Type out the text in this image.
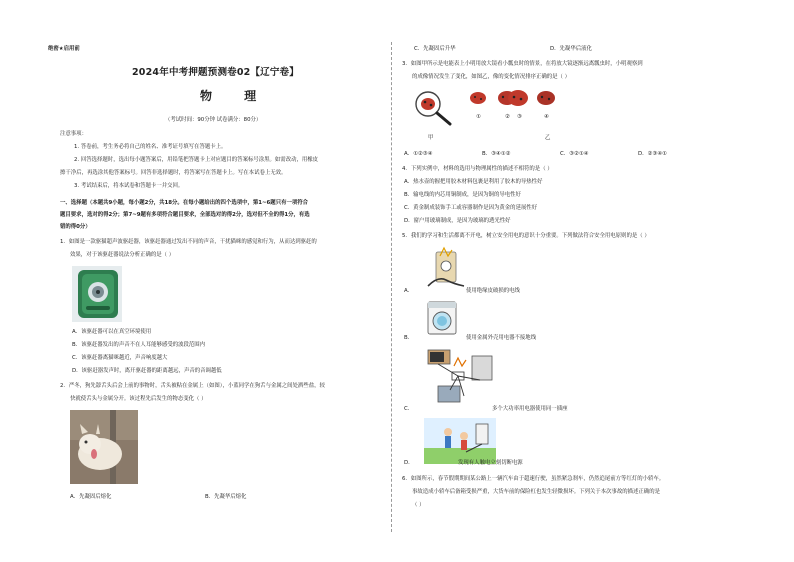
绝密★启用前
2024年中考押题预测卷02【辽宁卷】
物 理
（考试时间：90分钟 试卷满分：80分）
注意事项：
1. 答卷前，考生务必将自己的姓名、准考证号填写在答题卡上。
2. 回答选择题时，选出每小题答案后，用铅笔把答题卡上对应题目的答案标号涂黑。如需改动，用橡皮
擦干净后，再选涂其他答案标号。回答非选择题时，将答案写在答题卡上。写在本试卷上无效。
3. 考试结束后，将本试卷和答题卡一并交回。
一、选择题（本题共9小题，每小题2分，共18分。在每小题给出的四个选项中，第1~6题只有一项符合
题目要求，选对的得2分；第7~9题有多项符合题目要求，全部选对的得2分，选对但不全的得1分，有选
错的得0分）
1．如图是一款驱猫超声波驱赶器，该驱赶器通过发出不同的声音，干扰猫咪的感觉和行为，从而达到驱赶的
效果，对于该驱赶器说法分析正确的是（ ）
A．该驱赶器可以在真空环境使用
B．该驱赶器发出的声音不在人耳能够感受的波段范围内
C．该驱赶器离猫咪越近，声音响度越大
D．该驱赶器发声时，离开驱赶器的距离越远，声音的音调越低
2．严冬，狗先舔舌头后会上前的事物时，舌头被粘在金属上（如图），小蓝同学在狗舌与金属之间处洒些盐，较
快就使舌头与金属分开。该过程先后发生的物态变化（ ）
A．先凝固后熔化	B．先凝华后熔化
C．先凝固后升华	D．先凝华后液化
3．如图甲所示是电能表上小明用放大镜看小瓢虫时的情景，在将放大镜逐渐远离瓢虫时，小明观察到
的成像情况发生了变化，如图乙，像的变化情况排序正确的是（ ）
甲
①	② ③	④
乙
A．①②③④	B．③④①②	C．③②①④	D．②③④①
4．下列实例中，材料的选用与物理属性的描述不相符的是（ ）
A．热水壶的握把用胶木材料包裹是利用了胶木的导热性好
B．输电线的内芯用铜制成，是因为铜的导电性好
C．黄金制成装饰手工或容器制作是因为黄金的延展性好
D．窗户用玻璃制成，是因为玻璃的透光性好
5．我们的学习和生活都离不开电，树立安全用电的意识十分重要。下列做法符合安全用电原则的是（ ）
A．	使用绝缘皮破损的电线
B．	使用金属外壳用电器不接地线
C．	多个大功率用电器使用同一插座
D．	发现有人触电立刻切断电源
6．如图所示，春节假期期间某公路上一辆汽车由于超速行驶，虽然紧急刹车，仍然追尾前方等红灯的小轿车。
事故造成小轿车后备箱受损严重，大货车前的保险杠也发生轻微损坏。下列关于本次事故的描述正确的是
（ ）
